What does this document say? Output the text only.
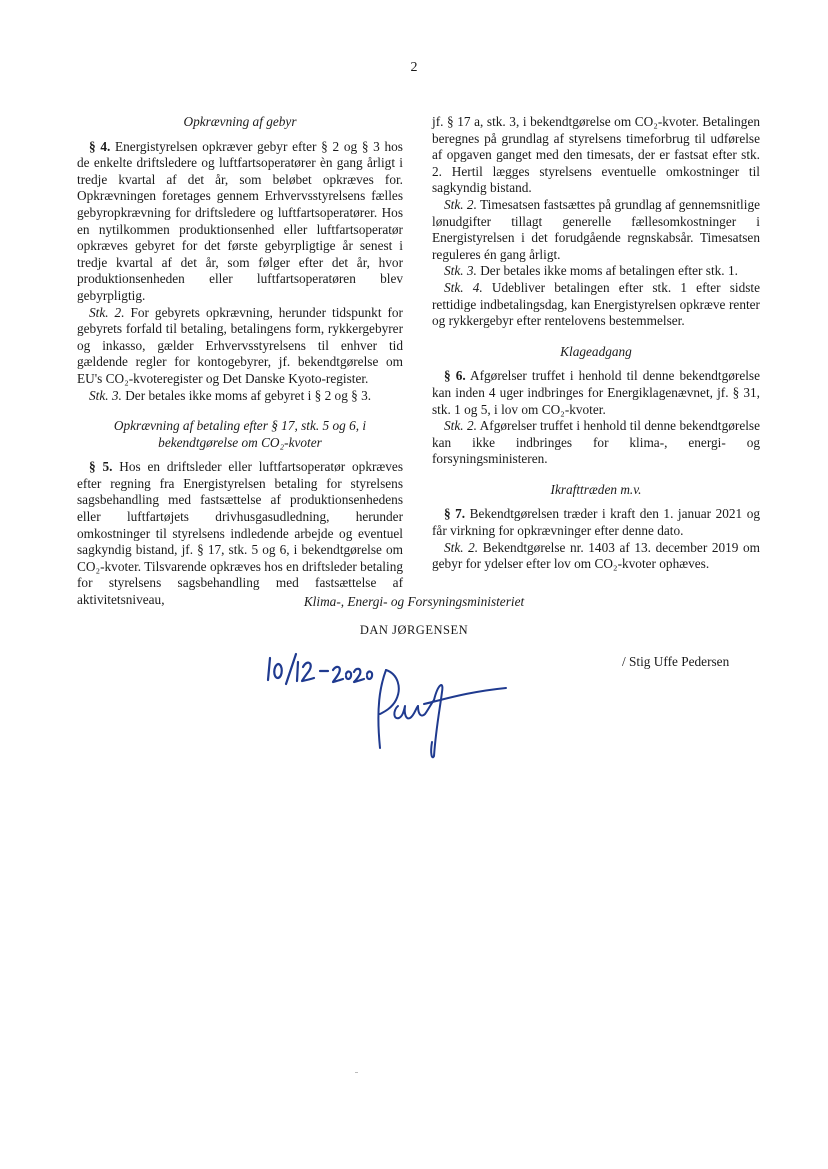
2
Opkrævning af gebyr

§ 4. Energistyrelsen opkræver gebyr efter § 2 og § 3 hos de enkelte driftsledere og luftfartsoperatører èn gang årligt i tredje kvartal af det år, som beløbet opkræves for. Opkrævningen foretages gennem Erhvervsstyrelsens fælles gebyropkrævning for driftsledere og luftfartsoperatører. Hos en nytilkommen produktionsenhed eller luftfartsoperatør opkræves gebyret for det første gebyrpligtige år senest i tredje kvartal af det år, som følger efter det år, hvor produktionsenheden eller luftfartsoperatøren blev gebyrpligtig.

Stk. 2. For gebyrets opkrævning, herunder tidspunkt for gebyrets forfald til betaling, betalingens form, rykkergebyrer og inkasso, gælder Erhvervsstyrelsens til enhver tid gældende regler for kontogebyrer, jf. bekendtgørelse om EU's CO₂-kvoteregister og Det Danske Kyoto-register.

Stk. 3. Der betales ikke moms af gebyret i § 2 og § 3.

Opkrævning af betaling efter § 17, stk. 5 og 6, i
bekendtgørelse om CO₂-kvoter

§ 5. Hos en driftsleder eller luftfartsoperatør opkræves efter regning fra Energistyrelsen betaling for styrelsens sagsbehandling med fastsættelse af produktionsenhedens eller luftfartøjets drivhusgasudledning, herunder omkostninger til styrelsens indledende arbejde og eventuel sagkyndig bistand, jf. § 17, stk. 5 og 6, i bekendtgørelse om CO₂-kvoter. Tilsvarende opkræves hos en driftsleder betaling for styrelsens sagsbehandling med fastsættelse af aktivitetsniveau,

jf. § 17 a, stk. 3, i bekendtgørelse om CO₂-kvoter. Betalingen beregnes på grundlag af styrelsens timeforbrug til udførelse af opgaven ganget med den timesats, der er fastsat efter stk. 2. Hertil lægges styrelsens eventuelle omkostninger til sagkyndig bistand.

Stk. 2. Timesatsen fastsættes på grundlag af gennemsnitlige lønudgifter tillagt generelle fællesomkostninger i Energistyrelsen i det forudgående regnskabsår. Timesatsen reguleres én gang årligt.

Stk. 3. Der betales ikke moms af betalingen efter stk. 1.

Stk. 4. Udebliver betalingen efter stk. 1 efter sidste rettidige indbetalingsdag, kan Energistyrelsen opkræve renter og rykkergebyr efter rentelovens bestemmelser.

Klageadgang

§ 6. Afgørelser truffet i henhold til denne bekendtgørelse kan inden 4 uger indbringes for Energiklagenævnet, jf. § 31, stk. 1 og 5, i lov om CO₂-kvoter.

Stk. 2. Afgørelser truffet i henhold til denne bekendtgørelse kan ikke indbringes for klima-, energi- og forsyningsministeren.

Ikrafttræden m.v.

§ 7. Bekendtgørelsen træder i kraft den 1. januar 2021 og får virkning for opkrævninger efter denne dato.

Stk. 2. Bekendtgørelse nr. 1403 af 13. december 2019 om gebyr for ydelser efter lov om CO₂-kvoter ophæves.

Klima-, Energi- og Forsyningsministeriet
DAN JØRGENSEN
/ Stig Uffe Pedersen
